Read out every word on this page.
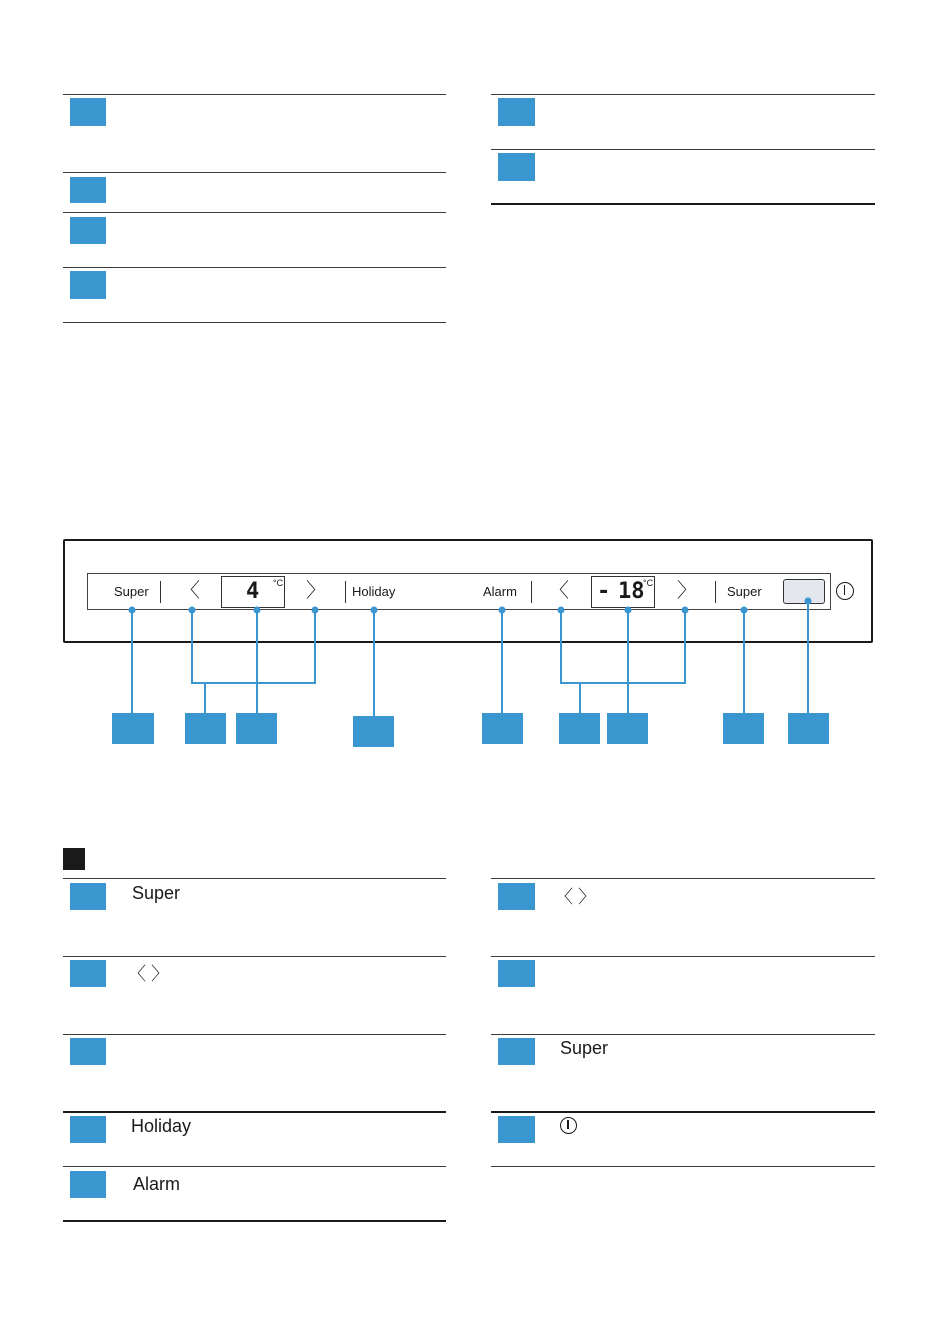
Super 〈 4 °C 〉 Holiday	Alarm 〈 - 18
°C 〉 Super
Super
〈 〉
Holiday
Alarm
〈 〉
Super
